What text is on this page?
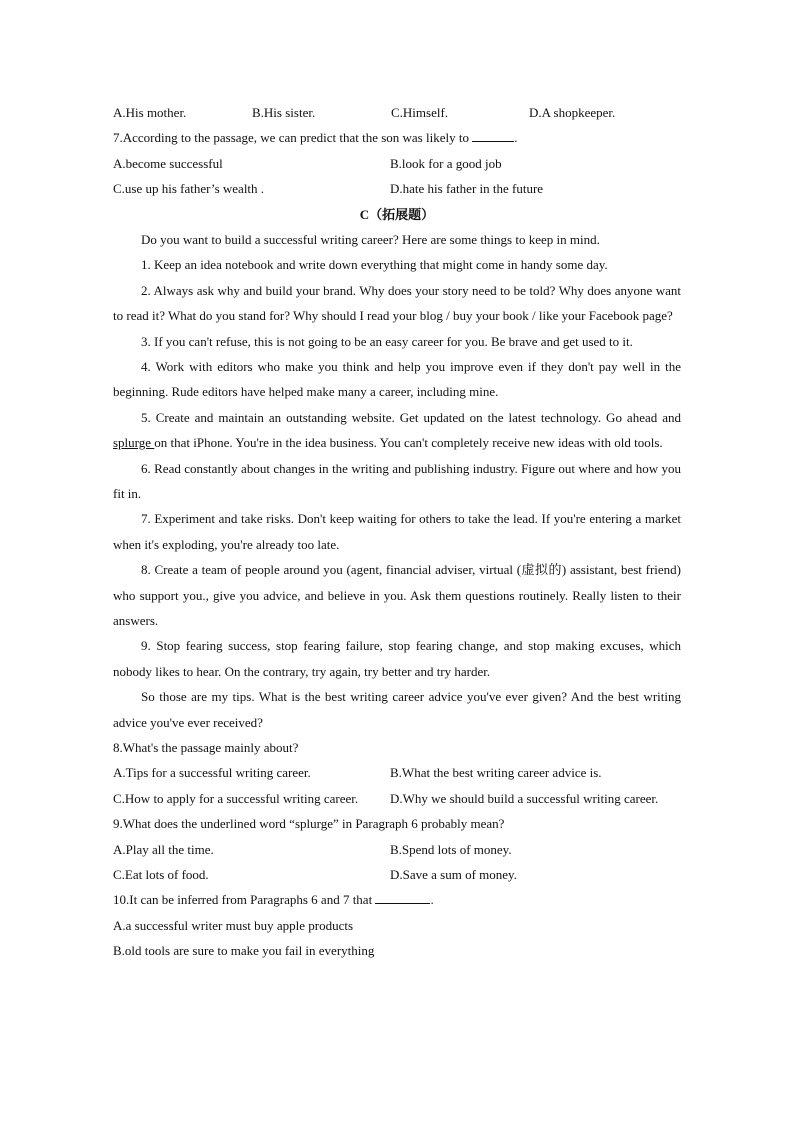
A.His mother.	B.His sister.	C.Himself.	D.A shopkeeper.
7.According to the passage, we can predict that the son was likely to	.
A.become successful	B.look for a good job
C.use up his father’s wealth .	D.hate his father in the future
C（拓展题）

Do you want to build a successful writing career? Here are some things to keep in mind.

1. Keep an idea notebook and write down everything that might come in handy some day.

2. Always ask why and build your brand. Why does your story need to be told? Why does anyone want to read it? What do you stand for? Why should I read your blog / buy your book / like your Facebook page?

3. If you can't refuse, this is not going to be an easy career for you. Be brave and get used to it.

4. Work with editors who make you think and help you improve even if they don't pay well in the beginning. Rude editors have helped make many a career, including mine.

5. Create and maintain an outstanding website. Get updated on the latest technology. Go ahead and splurge on that iPhone. You're in the idea business. You can't completely receive new ideas with old tools.

6. Read constantly about changes in the writing and publishing industry. Figure out where and how you fit in.

7. Experiment and take risks. Don't keep waiting for others to take the lead. If you're entering a market when it's exploding, you're already too late.

8. Create a team of people around you (agent, financial adviser, virtual (虚拟的) assistant, best friend) who support you., give you advice, and believe in you. Ask them questions routinely. Really listen to their answers.

9. Stop fearing success, stop fearing failure, stop fearing change, and stop making excuses, which nobody likes to hear. On the contrary, try again, try better and try harder.

So those are my tips. What is the best writing career advice you've ever given? And the best writing advice you've ever received?

8.What's the passage mainly about?
A.Tips for a successful writing career.	B.What the best writing career advice is.
C.How to apply for a successful writing career.	D.Why we should build a successful writing career.
9.What does the underlined word “splurge” in Paragraph 6 probably mean?
A.Play all the time.	B.Spend lots of money.
C.Eat lots of food.	D.Save a sum of money.
10.It can be inferred from Paragraphs 6 and 7 that	.
A.a successful writer must buy apple products
B.old tools are sure to make you fail in everything
